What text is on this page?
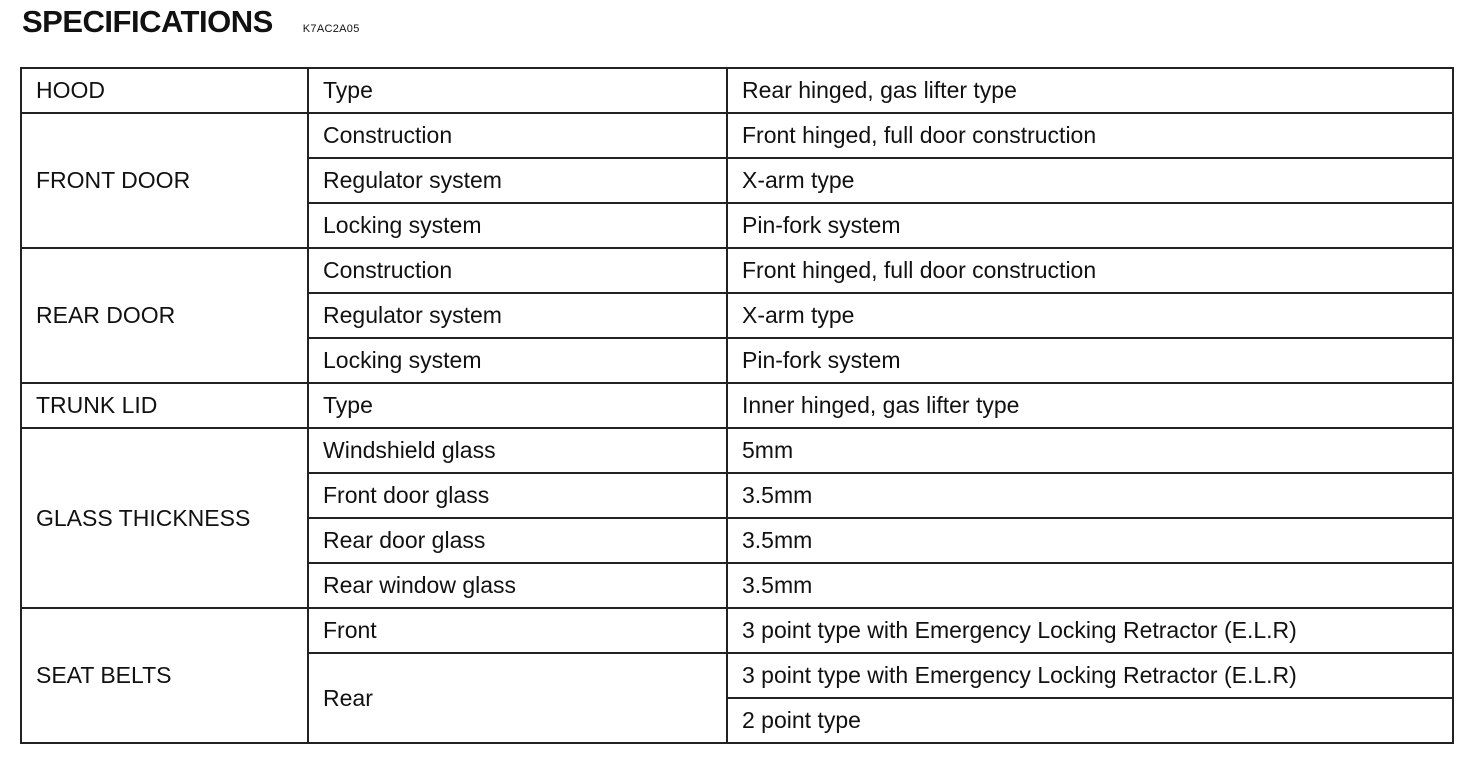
SPECIFICATIONS	K7AC2A05
HOOD	Type	Rear hinged, gas lifter type
FRONT DOOR	Construction	Front hinged, full door construction
	Regulator system	X-arm type
	Locking system	Pin-fork system
REAR DOOR	Construction	Front hinged, full door construction
	Regulator system	X-arm type
	Locking system	Pin-fork system
TRUNK LID	Type	Inner hinged, gas lifter type
GLASS THICKNESS	Windshield glass	5mm
	Front door glass	3.5mm
	Rear door glass	3.5mm
	Rear window glass	3.5mm
SEAT BELTS	Front	3 point type with Emergency Locking Retractor (E.L.R)
	Rear	3 point type with Emergency Locking Retractor (E.L.R)
		2 point type
